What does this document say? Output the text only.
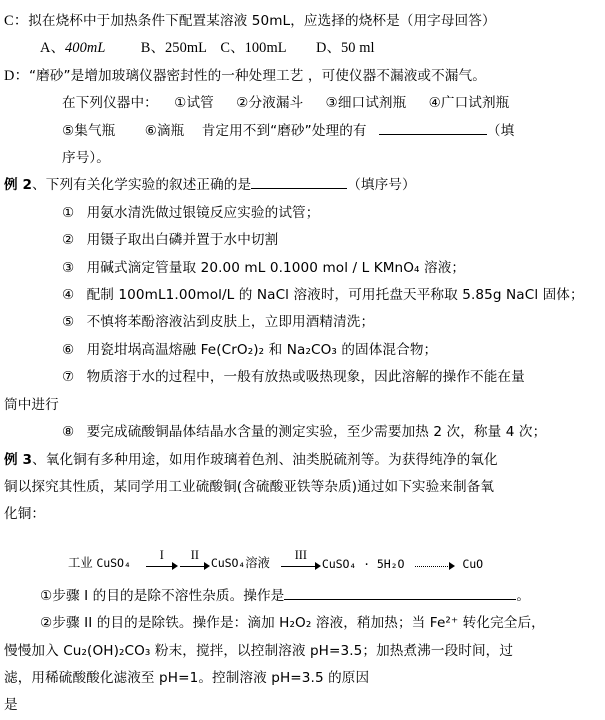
C：拟在烧杯中于加热条件下配置某溶液 50mL，应选择的烧杯是（用字母回答）
A、400mL B、250mL C、100mL D、50 ml
D：“磨砂”是增加玻璃仪器密封性的一种处理工艺 ，可使仪器不漏液或不漏气。
在下列仪器中： ①试管 ②分液漏斗 ③细口试剂瓶 ④广口试剂瓶
⑤集气瓶 ⑥滴瓶 肯定用不到“磨砂”处理的有	（填
序号）。
例 2、下列有关化学实验的叙述正确的是	（填序号）
① 用氨水清洗做过银镜反应实验的试管；
② 用镊子取出白磷并置于水中切割
③ 用碱式滴定管量取 20.00 mL 0.1000 mol / L KMnO₄ 溶液；
④ 配制 100mL1.00mol/L 的 NaCl 溶液时，可用托盘天平称取 5.85g NaCl 固体；
⑤ 不慎将苯酚溶液沾到皮肤上，立即用酒精清洗；
⑥ 用瓷坩埚高温熔融 Fe(CrO₂)₂ 和 Na₂CO₃ 的固体混合物；
⑦ 物质溶于水的过程中，一般有放热或吸热现象，因此溶解的操作不能在量
筒中进行
⑧ 要完成硫酸铜晶体结晶水含量的测定实验，至少需要加热 2 次，称量 4 次；
例 3、氧化铜有多种用途，如用作玻璃着色剂、油类脱硫剂等。为获得纯净的氧化
铜以探究其性质，某同学用工业硫酸铜(含硫酸亚铁等杂质)通过如下实验来制备氧
化铜：
工业 CuSO₄
I II
CuSO₄溶液 III
CuSO₄ · 5H₂O	CuO
①步骤 I 的目的是除不溶性杂质。操作是	。
②步骤 II 的目的是除铁。操作是：滴加 H₂O₂ 溶液，稍加热；当 Fe²⁺ 转化完全后，
慢慢加入 Cu₂(OH)₂CO₃ 粉末，搅拌，以控制溶液 pH=3.5；加热煮沸一段时间，过
滤，用稀硫酸酸化滤液至 pH=1。控制溶液 pH=3.5 的原因
是
